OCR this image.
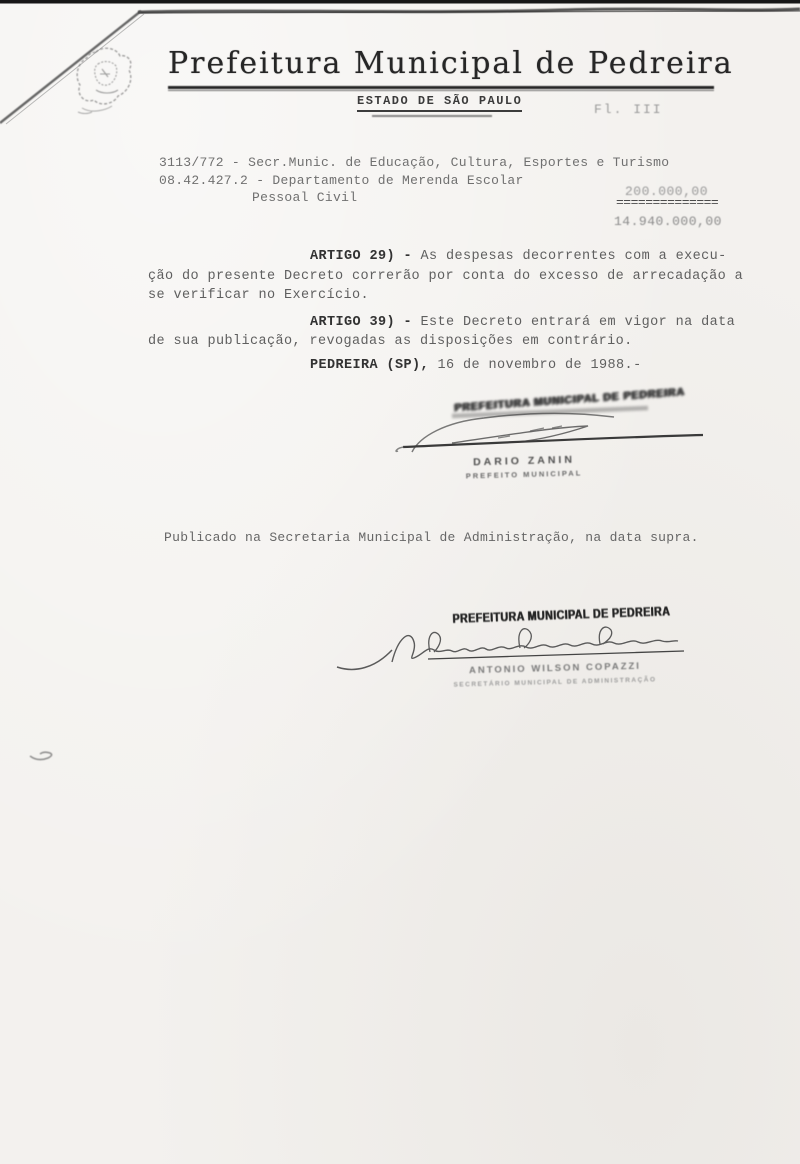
Prefeitura Municipal de Pedreira
ESTADO DE SÃO PAULO
Fl. III
3113/772 - Secr.Munic. de Educação, Cultura, Esportes e Turismo
08.42.427.2 - Departamento de Merenda Escolar
Pessoal Civil	200.000,00
==============
14.940.000,00
ARTIGO 29) - As despesas decorrentes com a execu-
ção do presente Decreto correrão por conta do excesso de arrecadação a
se verificar no Exercício.
ARTIGO 39) - Este Decreto entrará em vigor na data
de sua publicação, revogadas as disposições em contrário.
PEDREIRA (SP), 16 de novembro de 1988.-
PREFEITURA MUNICIPAL DE PEDREIRA
DARIO ZANIN
PREFEITO MUNICIPAL
Publicado na Secretaria Municipal de Administração, na data supra.
PREFEITURA MUNICIPAL DE PEDREIRA
ANTONIO WILSON COPAZZI
SECRETÁRIO MUNICIPAL DE ADMINISTRAÇÃO
